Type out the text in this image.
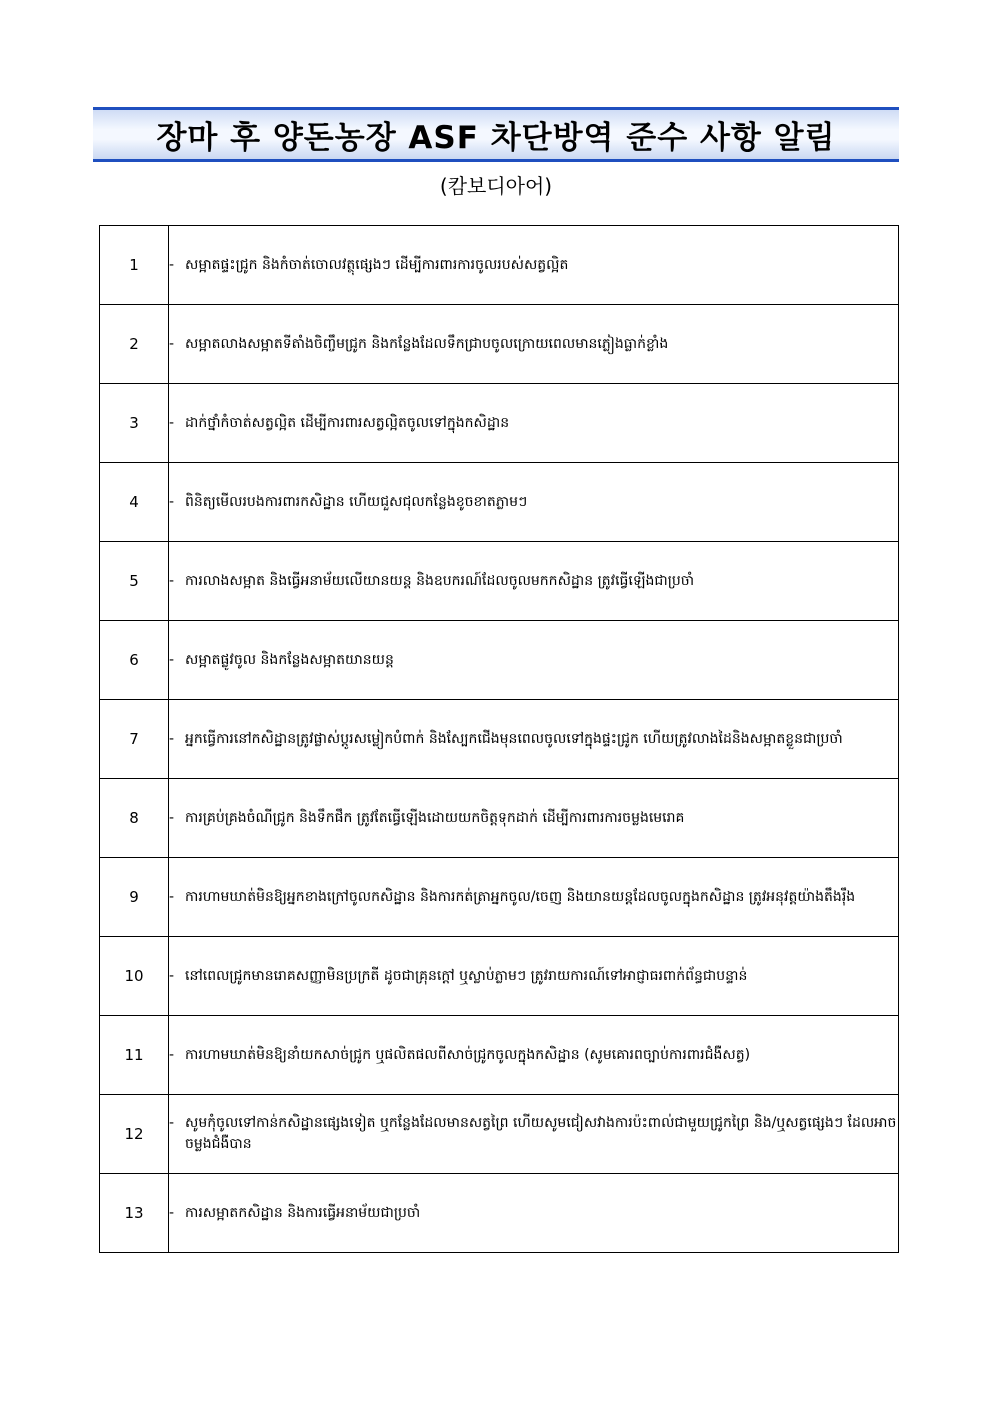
장마 후 양돈농장 ASF 차단방역 준수 사항 알림
(캄보디아어)
1	- សម្អាតផ្ទះជ្រូក និងកំចាត់ចោលវត្ថុផ្សេងៗ ដើម្បីការពារការចូលរបស់សត្វល្អិត

2	- សម្អាតលាងសម្អាតទីតាំងចិញ្ចឹមជ្រូក និងកន្លែងដែលទឹកជ្រាបចូលក្រោយពេលមានភ្លៀងធ្លាក់ខ្លាំង

3	- ដាក់ថ្នាំកំចាត់សត្វល្អិត ដើម្បីការពារសត្វល្អិតចូលទៅក្នុងកសិដ្ឋាន

4	- ពិនិត្យមើលរបងការពារកសិដ្ឋាន ហើយជួសជុលកន្លែងខូចខាតភ្លាមៗ

5	- ការលាងសម្អាត និងធ្វើអនាម័យលើយានយន្ត និងឧបករណ៍ដែលចូលមកកសិដ្ឋាន ត្រូវធ្វើឡើងជាប្រចាំ

6	- សម្អាតផ្លូវចូល និងកន្លែងសម្អាតយានយន្ត

7	- អ្នកធ្វើការនៅកសិដ្ឋានត្រូវផ្លាស់ប្តូរសម្លៀកបំពាក់ និងស្បែកជើងមុនពេលចូលទៅក្នុងផ្ទះជ្រូក ហើយត្រូវលាងដៃនិងសម្អាតខ្លួនជាប្រចាំ

8	- ការគ្រប់គ្រងចំណីជ្រូក និងទឹកផឹក ត្រូវតែធ្វើឡើងដោយយកចិត្តទុកដាក់ ដើម្បីការពារការចម្លងមេរោគ

9	- ការហាមឃាត់មិនឱ្យអ្នកខាងក្រៅចូលកសិដ្ឋាន និងការកត់ត្រាអ្នកចូល/ចេញ និងយានយន្តដែលចូលក្នុងកសិដ្ឋាន ត្រូវអនុវត្តយ៉ាងតឹងរ៉ឹង

10	- នៅពេលជ្រូកមានរោគសញ្ញាមិនប្រក្រតី ដូចជាគ្រុនក្តៅ ឬស្លាប់ភ្លាមៗ ត្រូវរាយការណ៍ទៅអាជ្ញាធរពាក់ព័ន្ធជាបន្ទាន់

11	- ការហាមឃាត់មិនឱ្យនាំយកសាច់ជ្រូក ឬផលិតផលពីសាច់ជ្រូកចូលក្នុងកសិដ្ឋាន (សូមគោរពច្បាប់ការពារជំងឺសត្វ)

12	- សូមកុំចូលទៅកាន់កសិដ្ឋានផ្សេងទៀត ឬកន្លែងដែលមានសត្វព្រៃ ហើយសូមជៀសវាងការប៉ះពាល់ជាមួយជ្រូកព្រៃ និង/ឬសត្វផ្សេងៗ ដែលអាចចម្លងជំងឺបាន

13	- ការសម្អាតកសិដ្ឋាន និងការធ្វើអនាម័យជាប្រចាំ
